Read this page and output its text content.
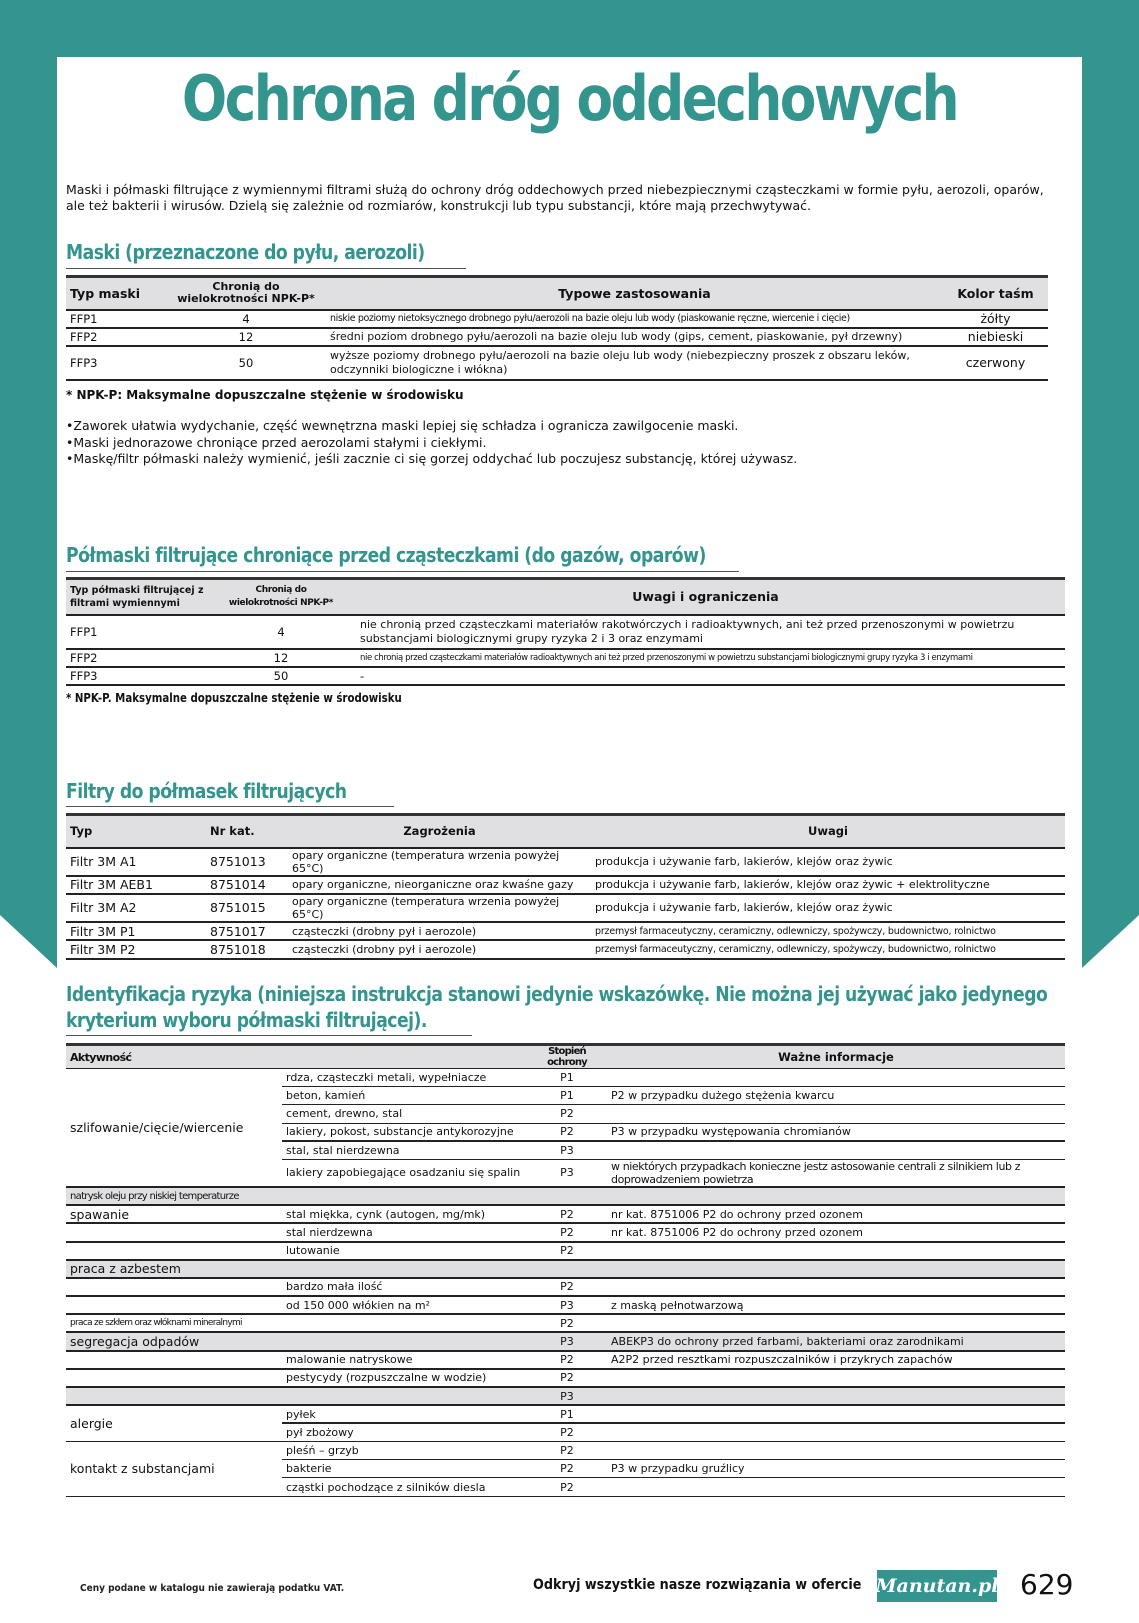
Ochrona dróg oddechowych

Maski i półmaski filtrujące z wymiennymi filtrami służą do ochrony dróg oddechowych przed niebezpiecznymi cząsteczkami w formie pyłu, aerozoli, oparów, ale też bakterii i wirusów. Dzielą się zależnie od rozmiarów, konstrukcji lub typu substancji, które mają przechwytywać.

Maski (przeznaczone do pyłu, aerozoli)
Typ maski	Chronią do wielokrotności NPK-P*	Typowe zastosowania	Kolor taśm
FFP1	4	niskie poziomy nietoksycznego drobnego pyłu/aerozoli na bazie oleju lub wody (piaskowanie ręczne, wiercenie i cięcie)	żółty
FFP2	12	średni poziom drobnego pyłu/aerozoli na bazie oleju lub wody (gips, cement, piaskowanie, pył drzewny)	niebieski
FFP3	50	wyższe poziomy drobnego pyłu/aerozoli na bazie oleju lub wody (niebezpieczny proszek z obszaru leków, odczynniki biologiczne i włókna)	czerwony
* NPK-P: Maksymalne dopuszczalne stężenie w środowisku
• Zaworek ułatwia wydychanie, część wewnętrzna maski lepiej się schładza i ogranicza zawilgocenie maski.
• Maski jednorazowe chroniące przed aerozolami stałymi i ciekłymi.
• Maskę/filtr półmaski należy wymienić, jeśli zacznie ci się gorzej oddychać lub poczujesz substancję, której używasz.
Półmaski filtrujące chroniące przed cząsteczkami (do gazów, oparów)
Typ półmaski filtrującej z filtrami wymiennymi	Chronią do wielokrotności NPK-P*	Uwagi i ograniczenia
FFP1	4	nie chronią przed cząsteczkami materiałów rakotwórczych i radioaktywnych, ani też przed przenoszonymi w powietrzu substancjami biologicznymi grupy ryzyka 2 i 3 oraz enzymami
FFP2	12	nie chronią przed cząsteczkami materiałów radioaktywnych ani też przed przenoszonymi w powietrzu substancjami biologicznymi grupy ryzyka 3 i enzymami
FFP3	50	-
* NPK-P. Maksymalne dopuszczalne stężenie w środowisku
Filtry do półmasek filtrujących
Typ	Nr kat.	Zagrożenia	Uwagi
Filtr 3M A1	8751013	opary organiczne (temperatura wrzenia powyżej 65°C)	produkcja i używanie farb, lakierów, klejów oraz żywic
Filtr 3M AEB1	8751014	opary organiczne, nieorganiczne oraz kwaśne gazy	produkcja i używanie farb, lakierów, klejów oraz żywic + elektrolityczne
Filtr 3M A2	8751015	opary organiczne (temperatura wrzenia powyżej 65°C)	produkcja i używanie farb, lakierów, klejów oraz żywic
Filtr 3M P1	8751017	cząsteczki (drobny pył i aerozole)	przemysł farmaceutyczny, ceramiczny, odlewniczy, spożywczy, budownictwo, rolnictwo
Filtr 3M P2	8751018	cząsteczki (drobny pył i aerozole)	przemysł farmaceutyczny, ceramiczny, odlewniczy, spożywczy, budownictwo, rolnictwo
Identyfikacja ryzyka (niniejsza instrukcja stanowi jedynie wskazówkę. Nie można jej używać jako jedynego
kryterium wyboru półmaski filtrującej).
Aktywność		Stopień ochrony	Ważne informacje
szlifowanie/cięcie/wiercenie	rdza, cząsteczki metali, wypełniacze	P1	
	beton, kamień	P1	P2 w przypadku dużego stężenia kwarcu
	cement, drewno, stal	P2	
	lakiery, pokost, substancje antykorozyjne	P2	P3 w przypadku występowania chromianów
	stal, stal nierdzewna	P3	
	lakiery zapobiegające osadzaniu się spalin	P3	w niektórych przypadkach konieczne jestz astosowanie centrali z silnikiem lub z doprowadzeniem powietrza
natrysk oleju przy niskiej temperaturze			
spawanie	stal miękka, cynk (autogen, mg/mk)	P2	nr kat. 8751006 P2 do ochrony przed ozonem
	stal nierdzewna	P2	nr kat. 8751006 P2 do ochrony przed ozonem
	lutowanie	P2	
praca z azbestem			
	bardzo mała ilość	P2	
	od 150 000 włókien na m²	P3	z maską pełnotwarzową
praca ze szkłem oraz włóknami mineralnymi		P2	
segregacja odpadów		P3	ABEKP3 do ochrony przed farbami, bakteriami oraz zarodnikami
	malowanie natryskowe	P2	A2P2 przed resztkami rozpuszczalników i przykrych zapachów
	pestycydy (rozpuszczalne w wodzie)	P2	
		P3	
alergie	pyłek	P1	
	pył zbożowy	P2	
kontakt z substancjami	pleśń – grzyb	P2	
	bakterie	P2	P3 w przypadku gruźlicy
	cząstki pochodzące z silników diesla	P2	
Ceny podane w katalogu nie zawierają podatku VAT.	Odkryj wszystkie nasze rozwiązania w ofercie Manutan.pl 629
